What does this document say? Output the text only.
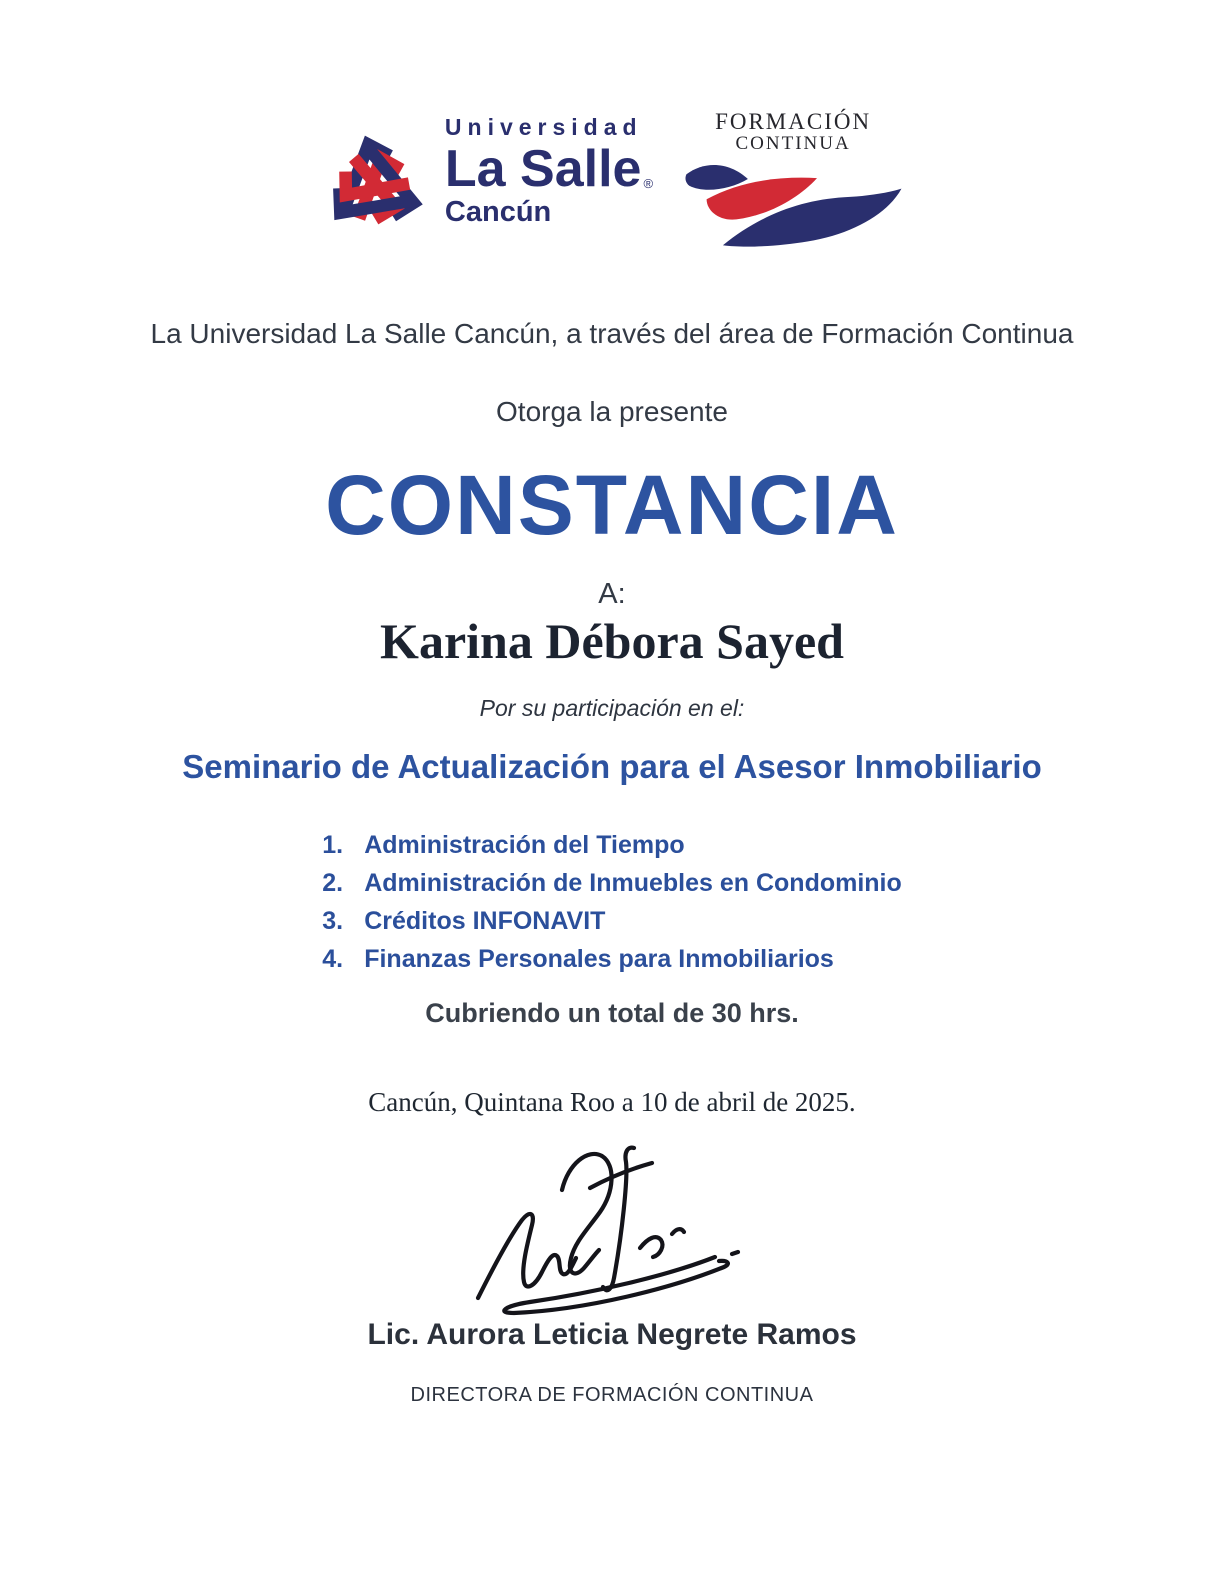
Universidad
La Salle ®
Cancún
FORMACIÓN
CONTINUA
La Universidad La Salle Cancún, a través del área de Formación Continua
Otorga la presente
CONSTANCIA
A:
Karina Débora Sayed
Por su participación en el:
Seminario de Actualización para el Asesor Inmobiliario
1. Administración del Tiempo
2. Administración de Inmuebles en Condominio
3. Créditos INFONAVIT
4. Finanzas Personales para Inmobiliarios
Cubriendo un total de 30 hrs.
Cancún, Quintana Roo a 10 de abril de 2025.
Lic. Aurora Leticia Negrete Ramos
DIRECTORA DE FORMACIÓN CONTINUA
